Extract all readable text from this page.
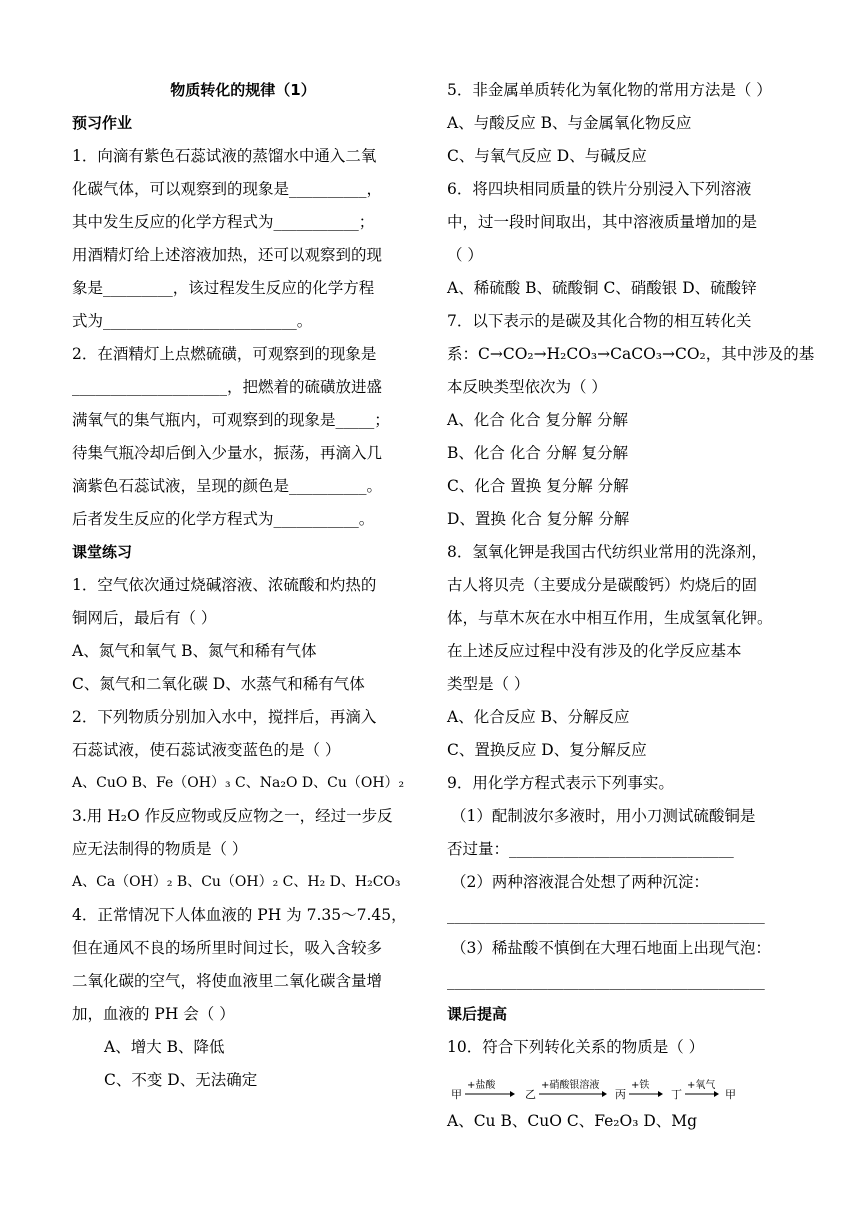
物质转化的规律（1）
预习作业
1．向滴有紫色石蕊试液的蒸馏水中通入二氧
化碳气体，可以观察到的现象是__________，
其中发生反应的化学方程式为___________；
用酒精灯给上述溶液加热，还可以观察到的现
象是_________，该过程发生反应的化学方程
式为_________________________。
2．在酒精灯上点燃硫磺，可观察到的现象是
____________________，把燃着的硫磺放进盛
满氧气的集气瓶内，可观察到的现象是_____；
待集气瓶冷却后倒入少量水，振荡，再滴入几
滴紫色石蕊试液，呈现的颜色是__________。
后者发生反应的化学方程式为___________。
课堂练习
1．空气依次通过烧碱溶液、浓硫酸和灼热的
铜网后，最后有（ ）
A、氮气和氧气 B、氮气和稀有气体
C、氮气和二氧化碳 D、水蒸气和稀有气体
2．下列物质分别加入水中，搅拌后，再滴入
石蕊试液，使石蕊试液变蓝色的是（ ）
A、CuO B、Fe（OH）₃ C、Na₂O D、Cu（OH）₂
3.用 H₂O 作反应物或反应物之一，经过一步反
应无法制得的物质是（ ）
A、Ca（OH）₂ B、Cu（OH）₂ C、H₂ D、H₂CO₃
4．正常情况下人体血液的 PH 为 7.35～7.45，
但在通风不良的场所里时间过长，吸入含较多
二氧化碳的空气，将使血液里二氧化碳含量增
加，血液的 PH 会（ ）
A、增大 B、降低
C、不变 D、无法确定
5．非金属单质转化为氧化物的常用方法是（ ）
A、与酸反应 B、与金属氧化物反应
C、与氧气反应 D、与碱反应
6．将四块相同质量的铁片分别浸入下列溶液
中，过一段时间取出，其中溶液质量增加的是
（ ）
A、稀硫酸 B、硫酸铜 C、硝酸银 D、硫酸锌
7．以下表示的是碳及其化合物的相互转化关
系：C→CO₂→H₂CO₃→CaCO₃→CO₂，其中涉及的基
本反映类型依次为（ ）
A、化合 化合 复分解 分解
B、化合 化合 分解 复分解
C、化合 置换 复分解 分解
D、置换 化合 复分解 分解
8．氢氧化钾是我国古代纺织业常用的洗涤剂，
古人将贝壳（主要成分是碳酸钙）灼烧后的固
体，与草木灰在水中相互作用，生成氢氧化钾。
在上述反应过程中没有涉及的化学反应基本
类型是（ ）
A、化合反应 B、分解反应
C、置换反应 D、复分解反应
9．用化学方程式表示下列事实。
（1）配制波尔多液时，用小刀测试硫酸铜是
否过量：_____________________________
（2）两种溶液混合处想了两种沉淀：
_________________________________________
（3）稀盐酸不慎倒在大理石地面上出现气泡：
_________________________________________
课后提高
10．符合下列转化关系的物质是（ ）
甲	乙	丙	丁	甲
+盐酸	+硝酸银溶液	+铁	+氧气
A、Cu B、CuO C、Fe₂O₃ D、Mg
